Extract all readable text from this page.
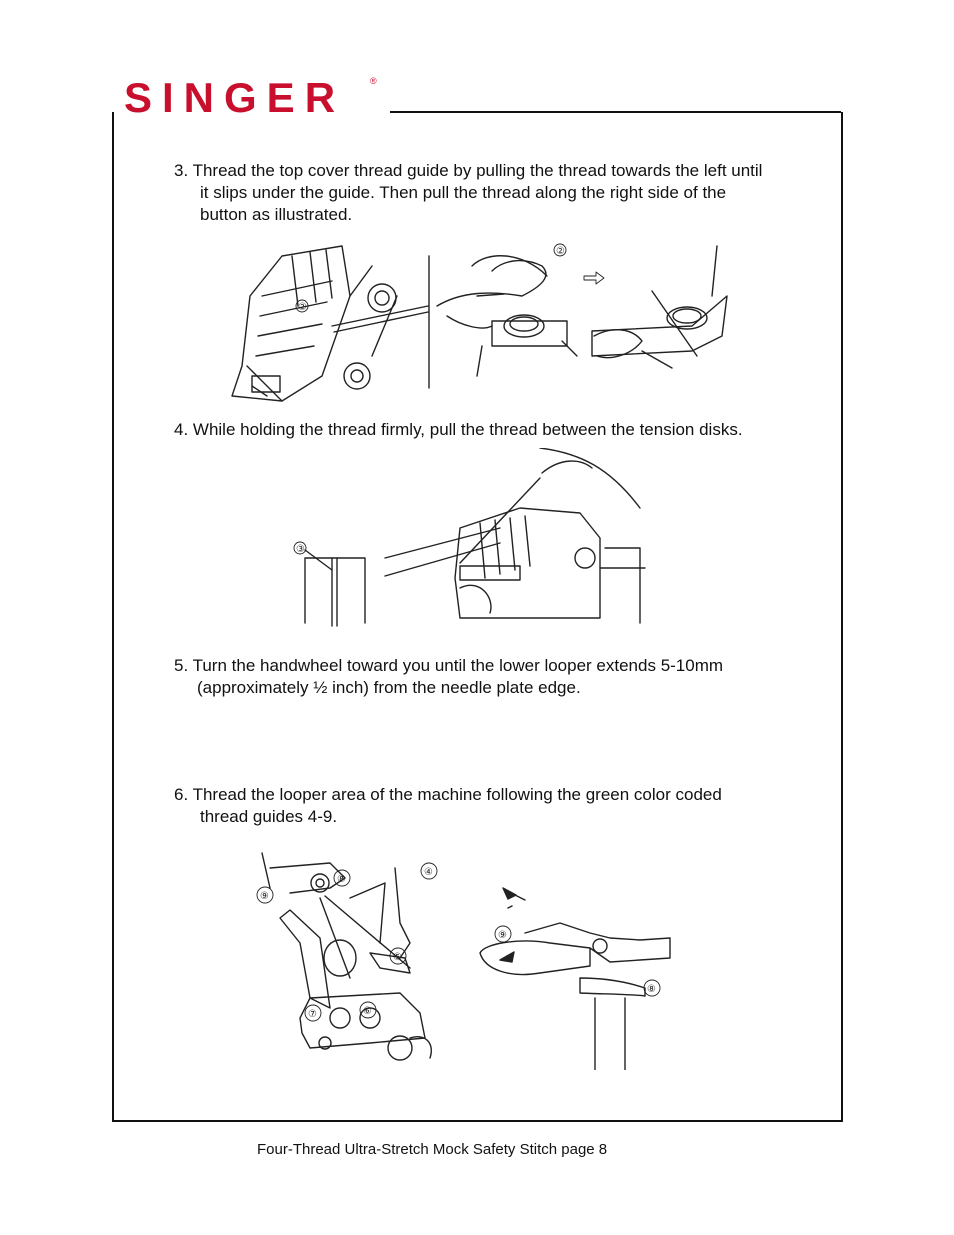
SINGER	®

3. Thread the top cover thread guide by pulling the thread towards the left until
it slips under the guide. Then pull the thread along the right side of the
button as illustrated.

②
②

4. While holding the thread firmly, pull the thread between the tension disks.

③

5. Turn the handwheel toward you until the lower looper extends 5-10mm
(approximately ½ inch) from the needle plate edge.

6. Thread the looper area of the machine following the green color coded
thread guides 4-9.

⑨
⑧
④
⑤
⑦	⑥
⑨
⑧
Four-Thread Ultra-Stretch Mock Safety Stitch page 8
